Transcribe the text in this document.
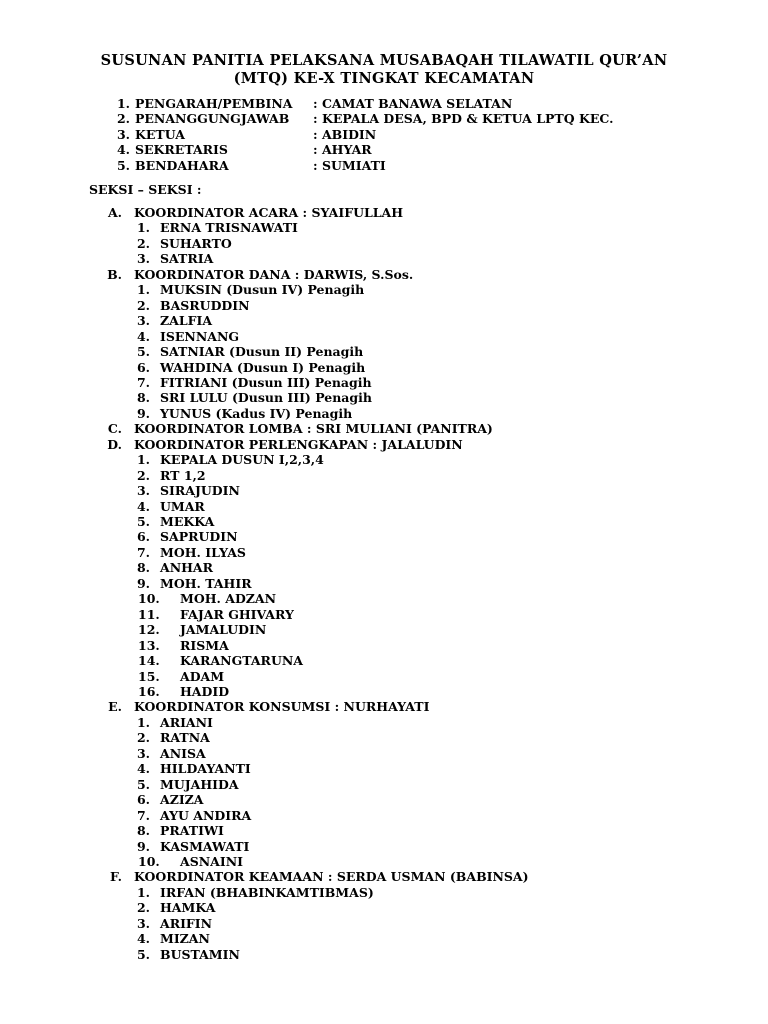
SUSUNAN PANITIA PELAKSANA MUSABAQAH TILAWATIL QUR’AN
(MTQ) KE-X TINGKAT KECAMATAN
1. PENGARAH/PEMBINA : CAMAT BANAWA SELATAN
2. PENANGGUNGJAWAB : KEPALA DESA, BPD & KETUA LPTQ KEC.
3. KETUA	: ABIDIN
4. SEKRETARIS	: AHYAR
5. BENDAHARA	: SUMIATI
SEKSI – SEKSI :
A. KOORDINATOR ACARA : SYAIFULLAH
1. ERNA TRISNAWATI
2. SUHARTO
3. SATRIA
B. KOORDINATOR DANA : DARWIS, S.Sos.
1. MUKSIN (Dusun IV) Penagih
2. BASRUDDIN
3. ZALFIA
4. ISENNANG
5. SATNIAR (Dusun II) Penagih
6. WAHDINA (Dusun I) Penagih
7. FITRIANI (Dusun III) Penagih
8. SRI LULU (Dusun III) Penagih
9. YUNUS (Kadus IV) Penagih
C. KOORDINATOR LOMBA : SRI MULIANI (PANITRA)
D. KOORDINATOR PERLENGKAPAN : JALALUDIN
1. KEPALA DUSUN I,2,3,4
2. RT 1,2
3. SIRAJUDIN
4. UMAR
5. MEKKA
6. SAPRUDIN
7. MOH. ILYAS
8. ANHAR
9. MOH. TAHIR
10. MOH. ADZAN
11. FAJAR GHIVARY
12. JAMALUDIN
13. RISMA
14. KARANGTARUNA
15. ADAM
16. HADID
E. KOORDINATOR KONSUMSI : NURHAYATI
1. ARIANI
2. RATNA
3. ANISA
4. HILDAYANTI
5. MUJAHIDA
6. AZIZA
7. AYU ANDIRA
8. PRATIWI
9. KASMAWATI
10. ASNAINI
F. KOORDINATOR KEAMAAN : SERDA USMAN (BABINSA)
1. IRFAN (BHABINKAMTIBMAS)
2. HAMKA
3. ARIFIN
4. MIZAN
5. BUSTAMIN
